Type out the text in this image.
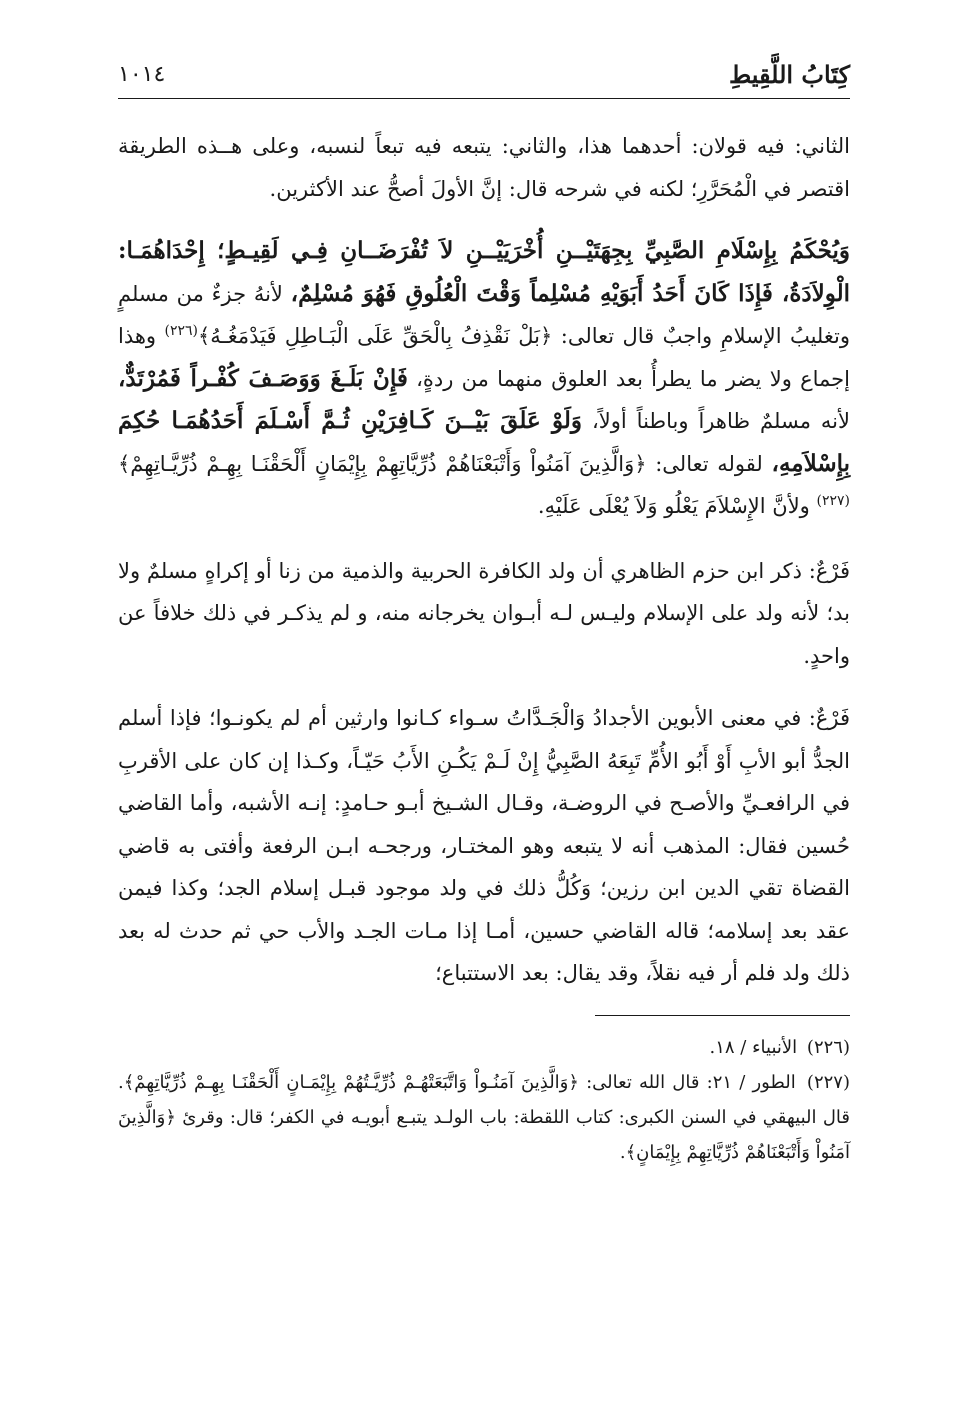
كِتَابُ اللَّقِيطِ
١٠١٤

الثاني: فيه قولان: أحدهما هذا، والثاني: يتبعه فيه تبعاً لنسبه، وعلى هــذه الطريقة اقتصر في الْمُحَرَّرِ؛ لكنه في شرحه قال: إنَّ الأولَ أصحُّ عند الأكثرين.

وَيُحْكَمُ بِإِسْلَامِ الصَّبِيِّ بِجِهَتَيْــنِ أُخْرَيَيْــنِ لاَ تُفْرَضَــانِ فِـي لَقِيـطٍ؛ إِحْدَاهُمَـا: الْوِلاَدَةُ، فَإِذَا كَانَ أَحَدُ أَبَوَيْهِ مُسْلِماً وَقْتَ الْعُلُوقِ فَهُوَ مُسْلِمٌ، لأنهُ جزءٌ من مسلمٍ وتغليبُ الإسلامِ واجبٌ قال تعالى: ﴿بَلْ نَقْذِفُ بِالْحَقِّ عَلَى الْبَـاطِلِ فَيَدْمَغُـهُ﴾$^{(٢٢٦)}$ وهذا إجماع ولا يضر ما يطرأُ بعد العلوق منهما من ردةٍ، فَإِنْ بَلَـغَ وَوَصَـفَ كُفْـراً فَمُرْتَدٌّ، لأنه مسلمٌ ظاهراً وباطناً أولاً، وَلَوْ عَلَقَ بَيْــنَ كَـافِرَيْنِ ثُـمَّ أَسْـلَمَ أَحَدُهُمَـا حُكِمَ بِإِسْلاَمِهِ، لقوله تعالى: ﴿وَالَّذِينَ آمَنُواْ وَأَتْبَعْنَاهُمْ ذُرِّيَّاتِهِمْ بِإِيْمَانٍ أَلْحَقْنَـا بِهِـمْ ذُرِّيَّـاتِهِمْ﴾$^{(٢٢٧)}$ ولأنَّ الإِسْلاَمَ يَعْلُو وَلاَ يُعْلَى عَلَيْهِ.

فَرْعٌ: ذكر ابن حزم الظاهري أن ولد الكافرة الحربية والذمية من زنا أو إكراهٍ مسلمٌ ولا بد؛ لأنه ولد على الإسلام وليـس لـه أبـوان يخرجانه منه، و لم يذكـر في ذلك خلافاً عن واحدٍ.

فَرْعٌ: في معنى الأبوين الأجدادُ وَالْجَـدَّاتُ سـواء كـانوا وارثين أم لم يكونـوا؛ فإذا أسلم الجدُّ أبو الأبِ أَوْ أَبُو الأُمِّ تَبِعَهُ الصَّبِيُّ إِنْ لَـمْ يَكُـنِ الأَبُ حَيّـاً، وكـذا إن كان على الأقربِ في الرافعـيِّ والأصـح في الروضـة، وقـال الشـيخ أبـو حـامدٍ: إنـه الأشبه، وأما القاضي حُسين فقال: المذهب أنه لا يتبعه وهو المختـار، ورجحـه ابـن الرفعة وأفتى به قاضي القضاة تقي الدين ابن رزين؛ وَكُلُّ ذلك في ولد موجود قبـل إسلام الجد؛ وكذا فيمن عقد بعد إسلامه؛ قاله القاضي حسين، أمـا إذا مـات الجـد والأب حي ثم حدث له بعد ذلك ولد فلم أر فيه نقلاً، وقد يقال: بعد الاستتباع؛

(٢٢٦) الأنبياء / ١٨.

(٢٢٧) الطور / ٢١: قال الله تعالى: ﴿وَالَّذِينَ آمَنُـواْ وَاتَّبَعَتْهُـمْ ذُرِّيَّـتُهُمْ بِإِيْمَـانٍ أَلْحَقْنَـا بِهِـمْ ذُرِّيَّاتِهِمْ﴾. قال البيهقي في السنن الكبرى: كتاب اللقطة: باب الولـد يتبـع أبويـه في الكفر؛ قال: وقرئ ﴿وَالَّذِينَ آمَنُواْ وَأَتْبَعْنَاهُمْ ذُرِّيَّاتِهِمْ بِإِيْمَانٍ﴾.
